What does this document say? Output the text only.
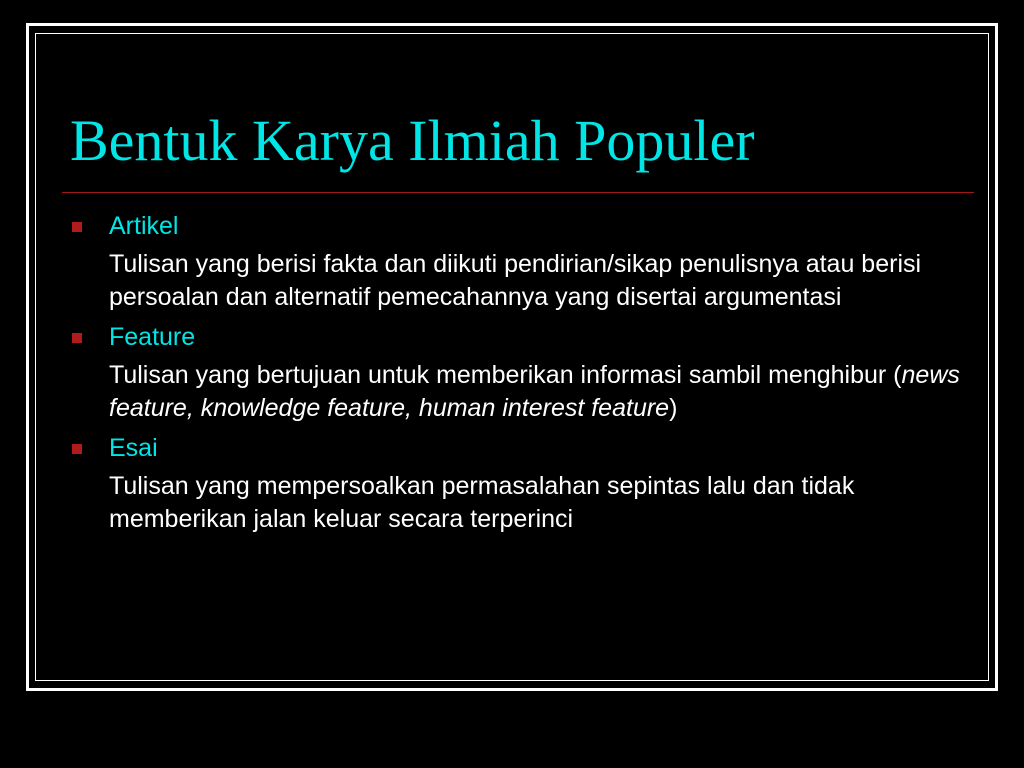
Bentuk Karya Ilmiah Populer
Artikel
Tulisan yang berisi fakta dan diikuti pendirian/sikap penulisnya atau berisi persoalan dan alternatif pemecahannya yang disertai argumentasi
Feature
Tulisan yang bertujuan untuk memberikan informasi sambil menghibur (news feature, knowledge feature, human interest feature)
Esai
Tulisan yang mempersoalkan permasalahan sepintas lalu dan tidak memberikan jalan keluar secara terperinci
